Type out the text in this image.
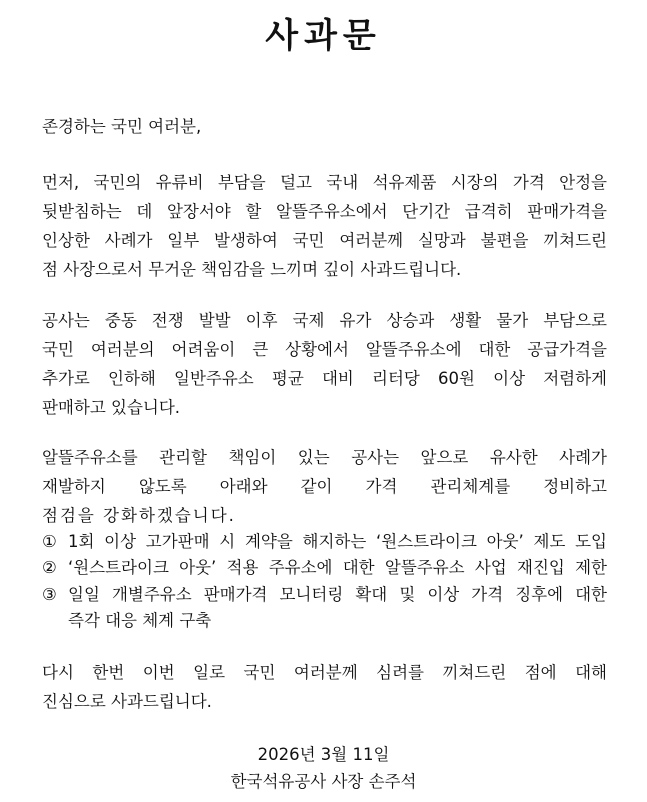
사과문
존경하는 국민 여러분,
먼저, 국민의 유류비 부담을 덜고 국내 석유제품 시장의 가격 안정을
뒷받침하는 데 앞장서야 할 알뜰주유소에서 단기간 급격히 판매가격을
인상한 사례가 일부 발생하여 국민 여러분께 실망과 불편을 끼쳐드린
점 사장으로서 무거운 책임감을 느끼며 깊이 사과드립니다.
공사는 중동 전쟁 발발 이후 국제 유가 상승과 생활 물가 부담으로
국민 여러분의 어려움이 큰 상황에서 알뜰주유소에 대한 공급가격을
추가로 인하해 일반주유소 평균 대비 리터당 60원 이상 저렴하게
판매하고 있습니다.
알뜰주유소를 관리할 책임이 있는 공사는 앞으로 유사한 사례가
재발하지 않도록 아래와 같이 가격 관리체계를 정비하고
점검을 강화하겠습니다.
① 1회 이상 고가판매 시 계약을 해지하는 ‘원스트라이크 아웃’ 제도 도입
② ‘원스트라이크 아웃’ 적용 주유소에 대한 알뜰주유소 사업 재진입 제한
③ 일일 개별주유소 판매가격 모니터링 확대 및 이상 가격 징후에 대한
즉각 대응 체계 구축
다시 한번 이번 일로 국민 여러분께 심려를 끼쳐드린 점에 대해
진심으로 사과드립니다.
2026년 3월 11일
한국석유공사 사장 손주석
